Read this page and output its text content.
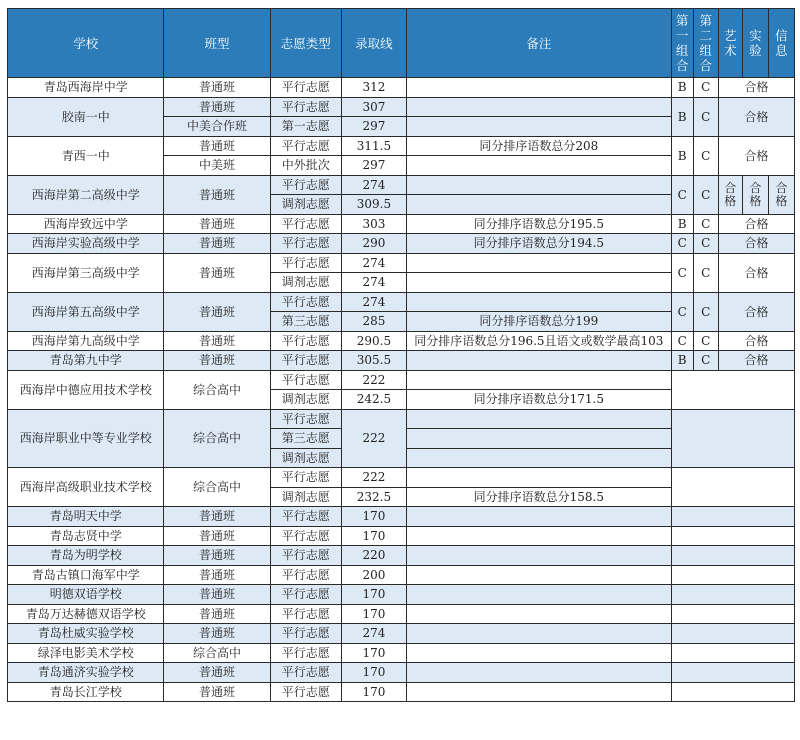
学校	班型	志愿类型	录取线	备注	第一组合	第二组合	艺术	实验	信息
青岛西海岸中学	普通班	平行志愿	312		B	C	合格		
胶南一中	普通班	平行志愿	307		B	C	合格		
	中美合作班	第一志愿	297						
青西一中	普通班	平行志愿	311.5	同分排序语数总分208	B	C	合格		
	中美班	中外批次	297						
西海岸第二高级中学	普通班	平行志愿	274		C	C	合格	合格	合格
		调剂志愿	309.5						
西海岸致远中学	普通班	平行志愿	303	同分排序语数总分195.5	B	C	合格		
西海岸实验高级中学	普通班	平行志愿	290	同分排序语数总分194.5	C	C	合格		
西海岸第三高级中学	普通班	平行志愿	274		C	C	合格		
		调剂志愿	274						
西海岸第五高级中学	普通班	平行志愿	274		C	C	合格		
		第三志愿	285	同分排序语数总分199					
西海岸第九高级中学	普通班	平行志愿	290.5	同分排序语数总分196.5且语文或数学最高103	C	C	合格		
青岛第九中学	普通班	平行志愿	305.5		B	C	合格		
西海岸中德应用技术学校	综合高中	平行志愿	222						
		调剂志愿	242.5	同分排序语数总分171.5					
西海岸职业中等专业学校	综合高中	平行志愿	222						
		第三志愿							
		调剂志愿							
西海岸高级职业技术学校	综合高中	平行志愿	222						
		调剂志愿	232.5	同分排序语数总分158.5					
青岛明天中学	普通班	平行志愿	170						
青岛志贤中学	普通班	平行志愿	170						
青岛为明学校	普通班	平行志愿	220						
青岛古镇口海军中学	普通班	平行志愿	200						
明德双语学校	普通班	平行志愿	170						
青岛万达赫德双语学校	普通班	平行志愿	170						
青岛杜威实验学校	普通班	平行志愿	274						
绿泽电影美术学校	综合高中	平行志愿	170						
青岛通济实验学校	普通班	平行志愿	170						
青岛长江学校	普通班	平行志愿	170						
